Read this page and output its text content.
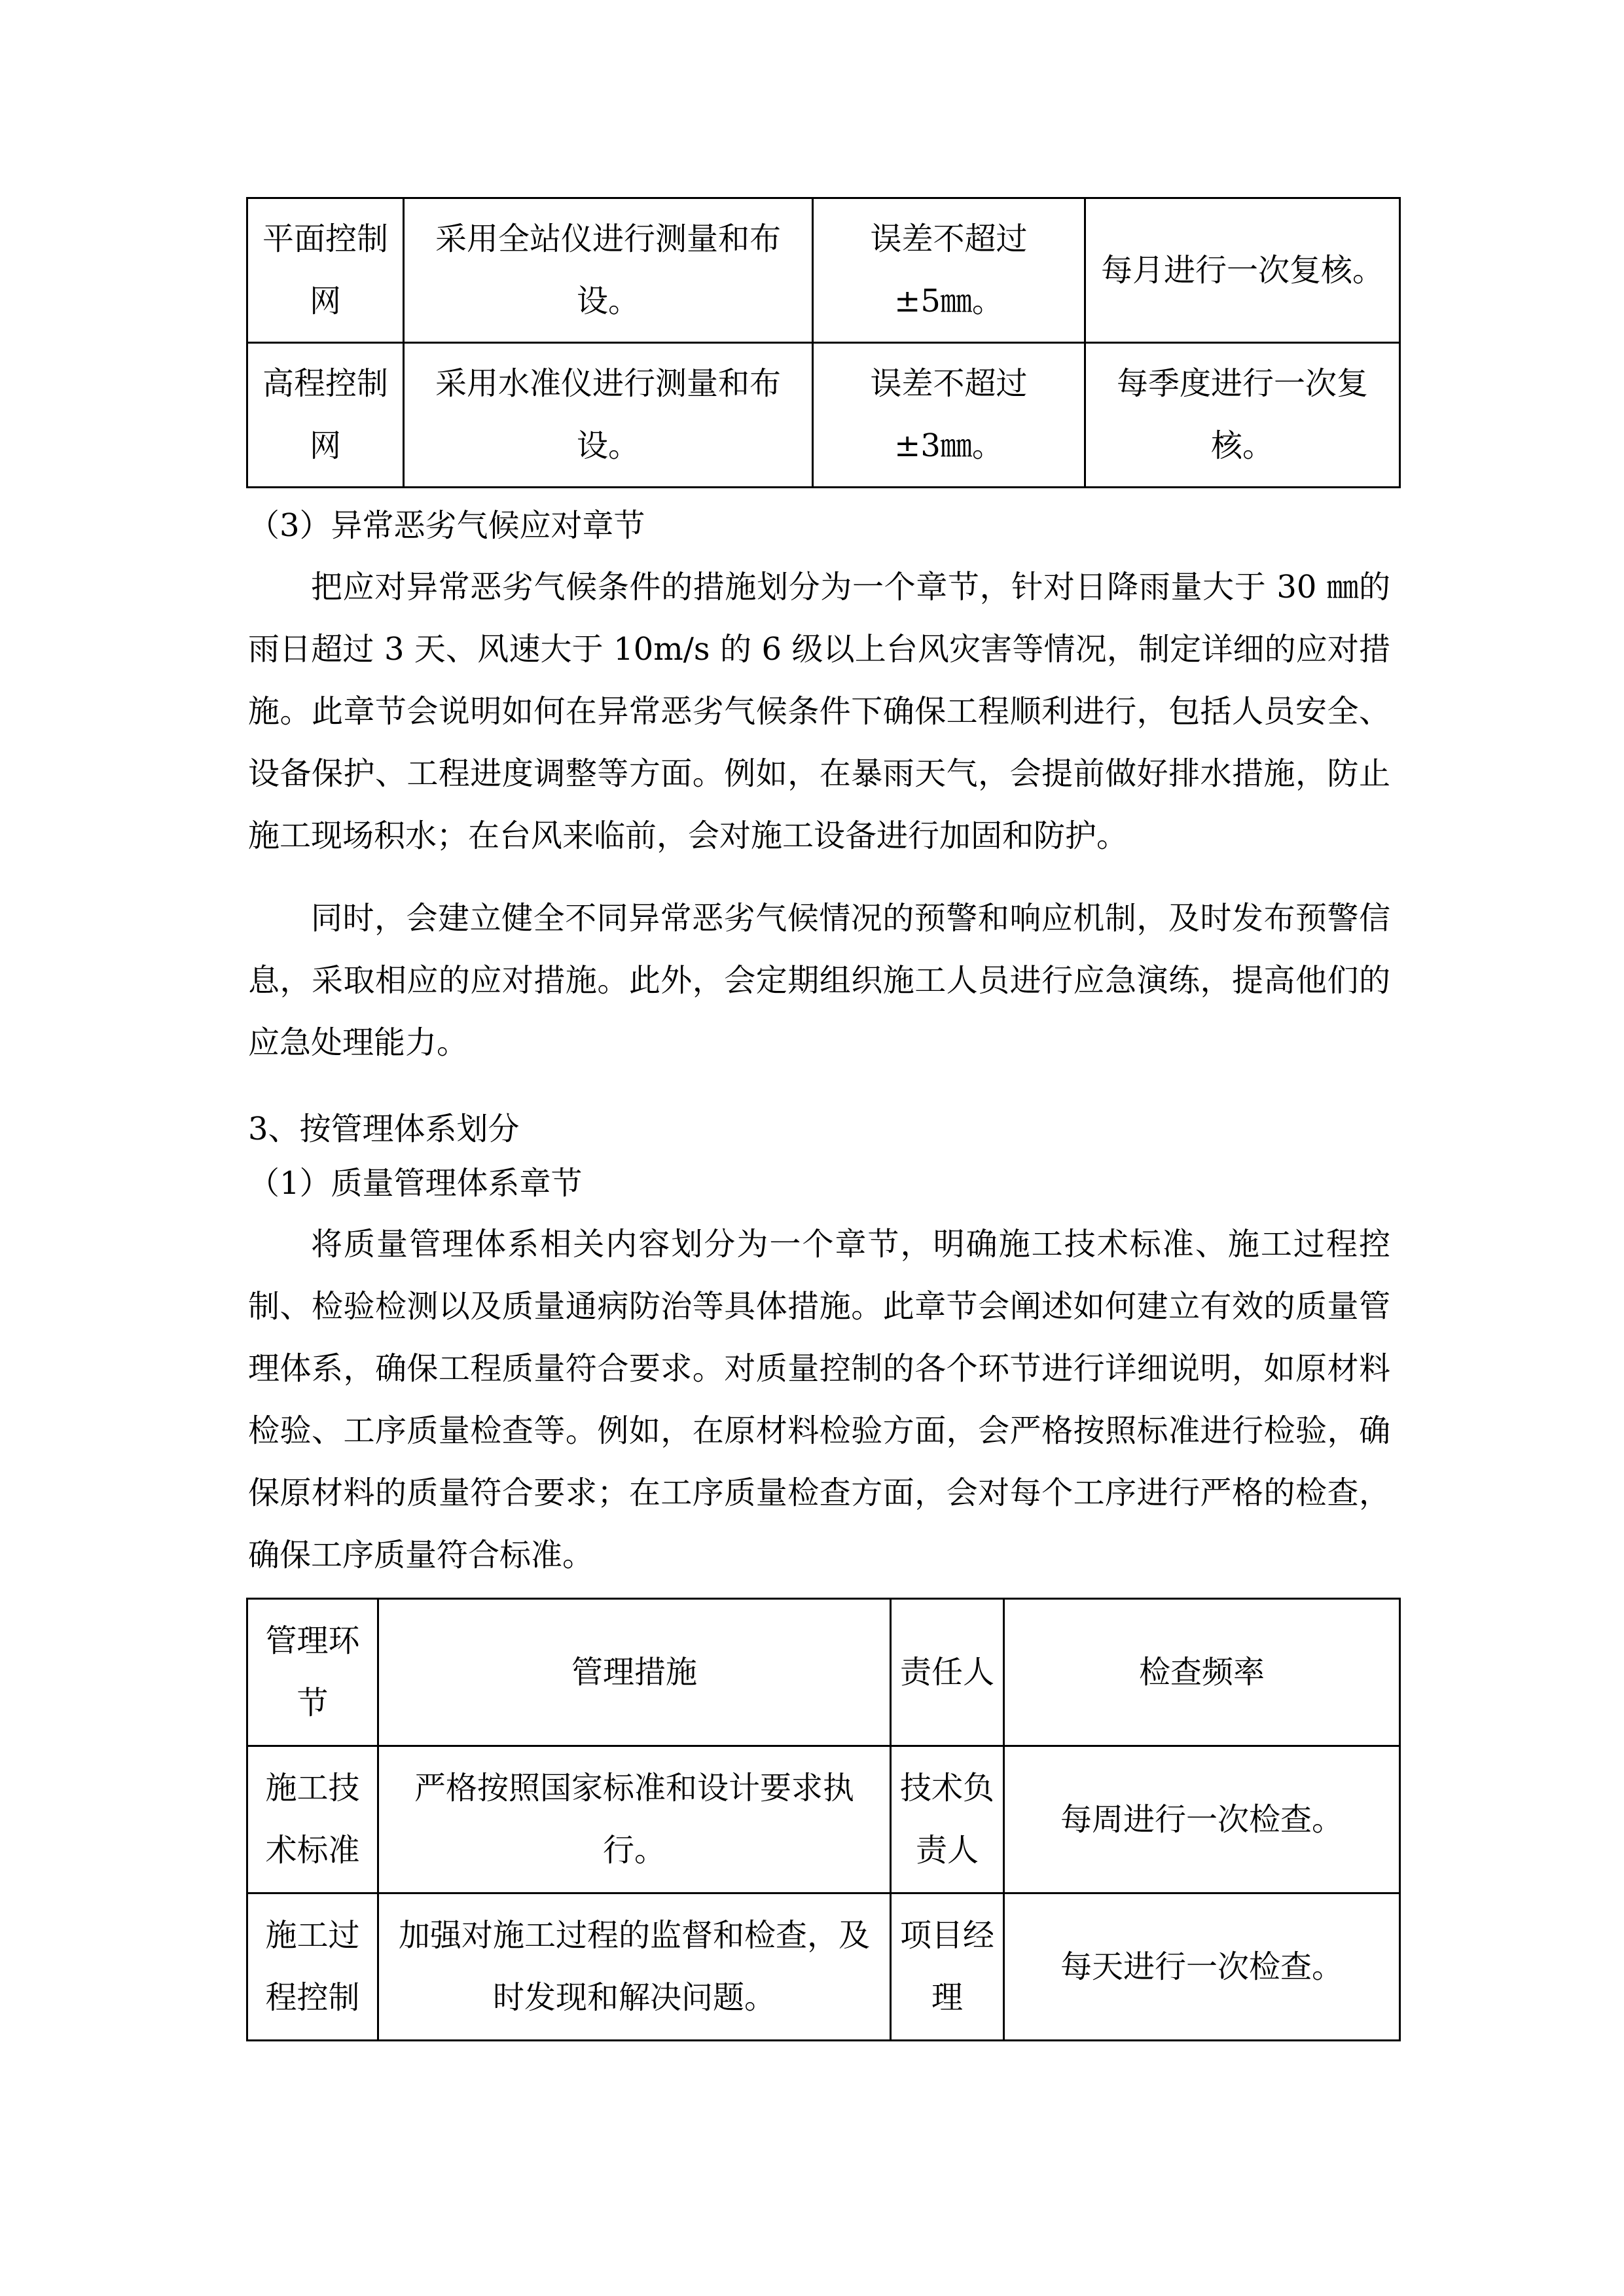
平面控制网	采用全站仪进行测量和布设。	误差不超过±5㎜。	每月进行一次复核。
高程控制网	采用水准仪进行测量和布设。	误差不超过±3㎜。	每季度进行一次复核。
（3）异常恶劣气候应对章节
把应对异常恶劣气候条件的措施划分为一个章节，针对日降雨量大于 30 ㎜的雨日超过 3 天、风速大于 10m/s 的 6 级以上台风灾害等情况，制定详细的应对措施。此章节会说明如何在异常恶劣气候条件下确保工程顺利进行，包括人员安全、设备保护、工程进度调整等方面。例如，在暴雨天气，会提前做好排水措施，防止施工现场积水；在台风来临前，会对施工设备进行加固和防护。
同时，会建立健全不同异常恶劣气候情况的预警和响应机制，及时发布预警信息，采取相应的应对措施。此外，会定期组织施工人员进行应急演练，提高他们的应急处理能力。
3、按管理体系划分
（1）质量管理体系章节
将质量管理体系相关内容划分为一个章节，明确施工技术标准、施工过程控制、检验检测以及质量通病防治等具体措施。此章节会阐述如何建立有效的质量管理体系，确保工程质量符合要求。对质量控制的各个环节进行详细说明，如原材料检验、工序质量检查等。例如，在原材料检验方面，会严格按照标准进行检验，确保原材料的质量符合要求；在工序质量检查方面，会对每个工序进行严格的检查，确保工序质量符合标准。
管理环节	管理措施	责任人	检查频率
施工技术标准	严格按照国家标准和设计要求执行。	技术负责人	每周进行一次检查。
施工过程控制	加强对施工过程的监督和检查，及时发现和解决问题。	项目经理	每天进行一次检查。
